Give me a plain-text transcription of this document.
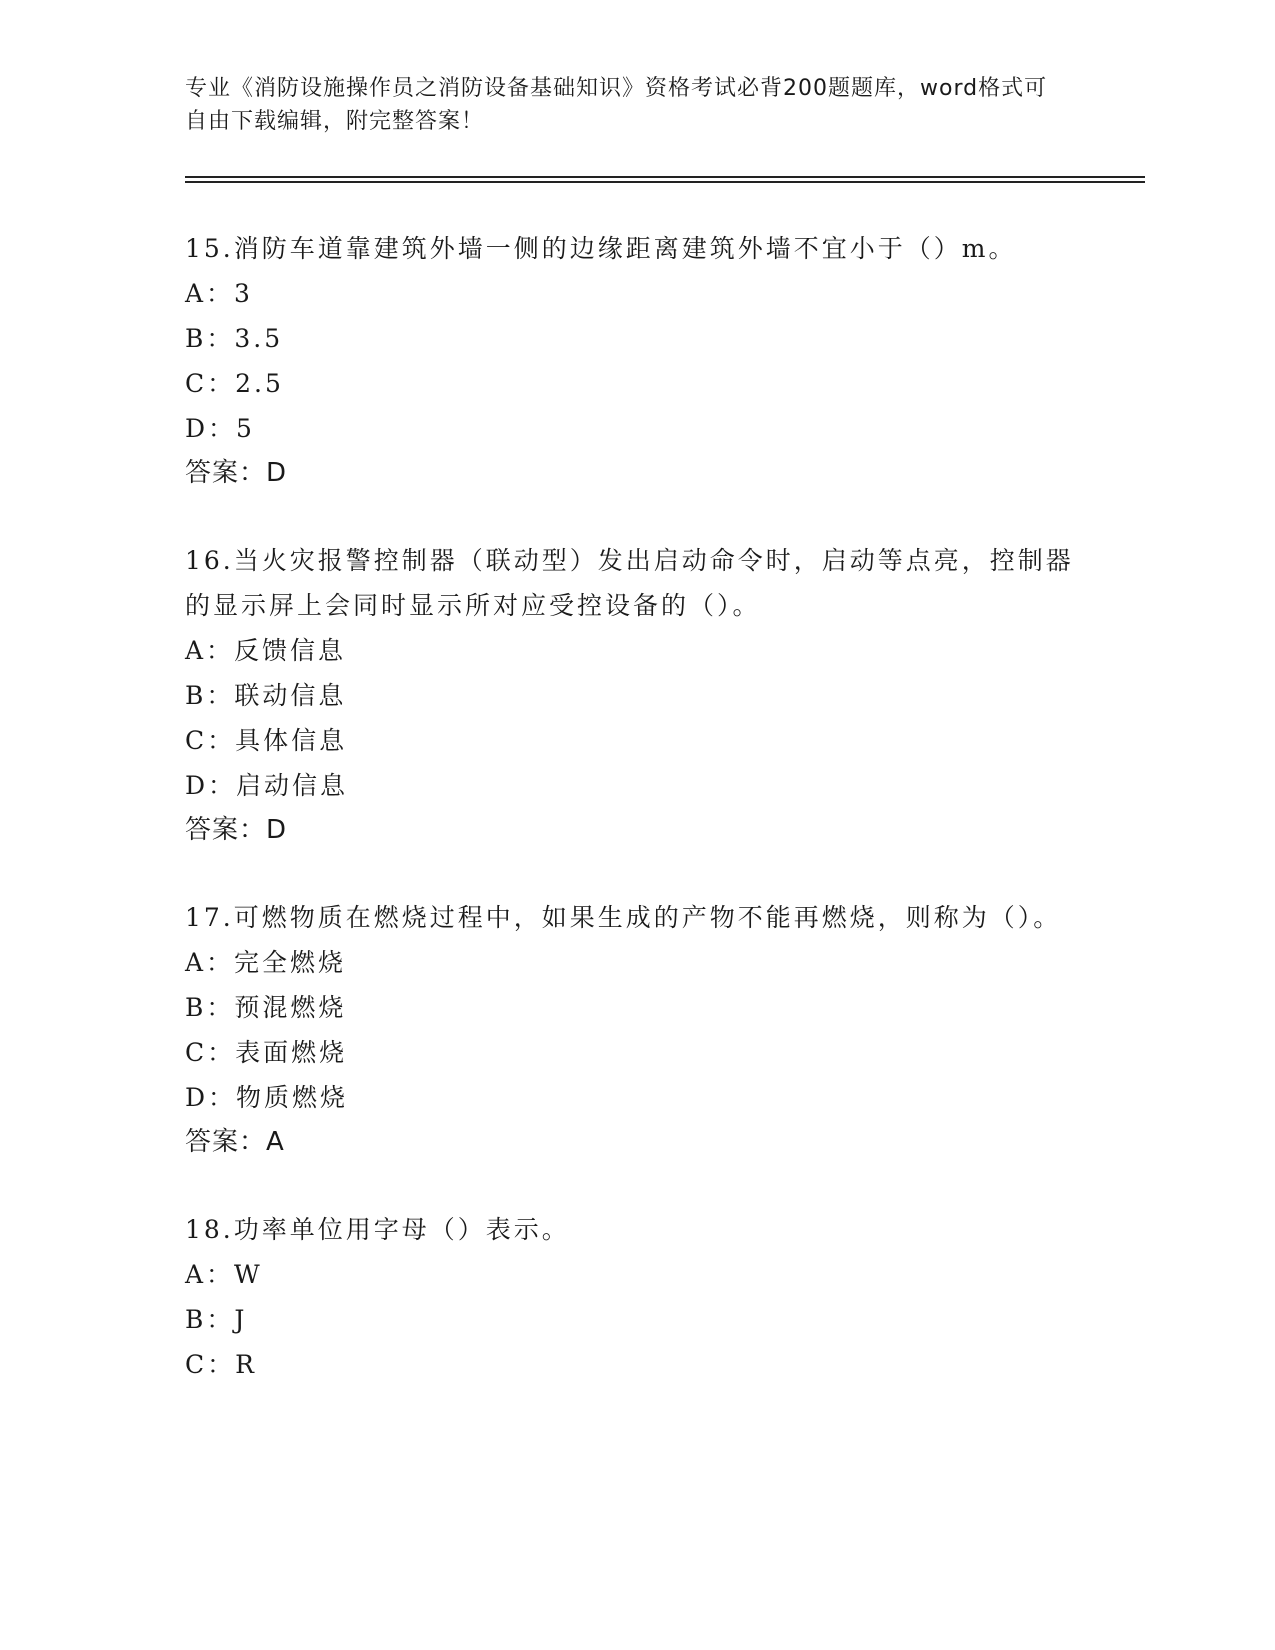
专业《消防设施操作员之消防设备基础知识》资格考试必背200题题库，word格式可自由下载编辑，附完整答案！

15.消防车道靠建筑外墙一侧的边缘距离建筑外墙不宜小于（）m。

A：3
B：3.5
C：2.5
D：5
答案：D

16.当火灾报警控制器（联动型）发出启动命令时，启动等点亮，控制器的显示屏上会同时显示所对应受控设备的（）。

A：反馈信息
B：联动信息
C：具体信息
D：启动信息
答案：D

17.可燃物质在燃烧过程中，如果生成的产物不能再燃烧，则称为（）。

A：完全燃烧
B：预混燃烧
C：表面燃烧
D：物质燃烧
答案：A

18.功率单位用字母（）表示。

A：W
B：J
C：R
